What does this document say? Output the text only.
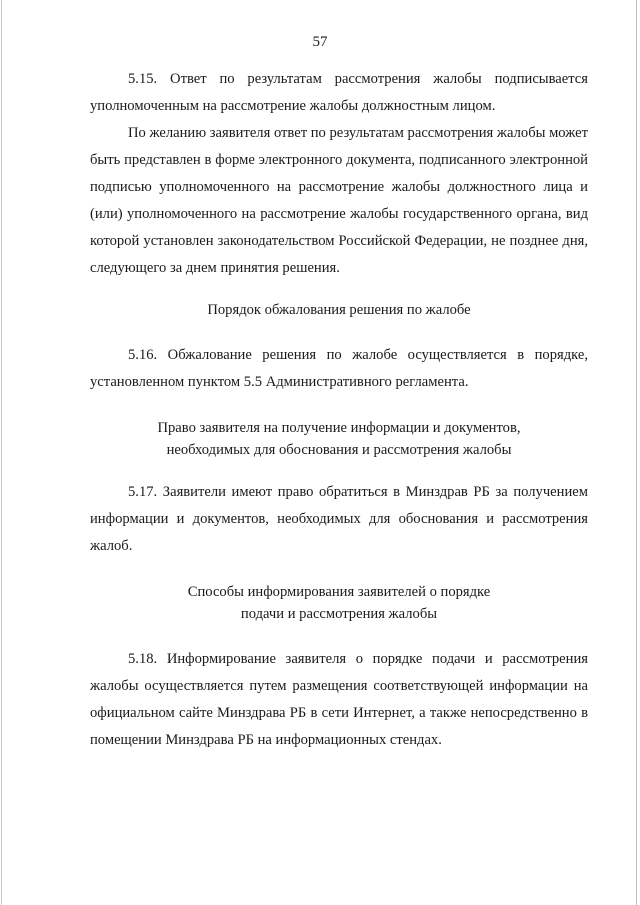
57

5.15. Ответ по результатам рассмотрения жалобы подписывается уполномоченным на рассмотрение жалобы должностным лицом.

По желанию заявителя ответ по результатам рассмотрения жалобы может быть представлен в форме электронного документа, подписанного электронной подписью уполномоченного на рассмотрение жалобы должностного лица и (или) уполномоченного на рассмотрение жалобы государственного органа, вид которой установлен законодательством Российской Федерации, не позднее дня, следующего за днем принятия решения.

Порядок обжалования решения по жалобе

5.16. Обжалование решения по жалобе осуществляется в порядке, установленном пунктом 5.5 Административного регламента.

Право заявителя на получение информации и документов,
необходимых для обоснования и рассмотрения жалобы

5.17. Заявители имеют право обратиться в Минздрав РБ за получением информации и документов, необходимых для обоснования и рассмотрения жалоб.

Способы информирования заявителей о порядке
подачи и рассмотрения жалобы

5.18. Информирование заявителя о порядке подачи и рассмотрения жалобы осуществляется путем размещения соответствующей информации на официальном сайте Минздрава РБ в сети Интернет, а также непосредственно в помещении Минздрава РБ на информационных стендах.
